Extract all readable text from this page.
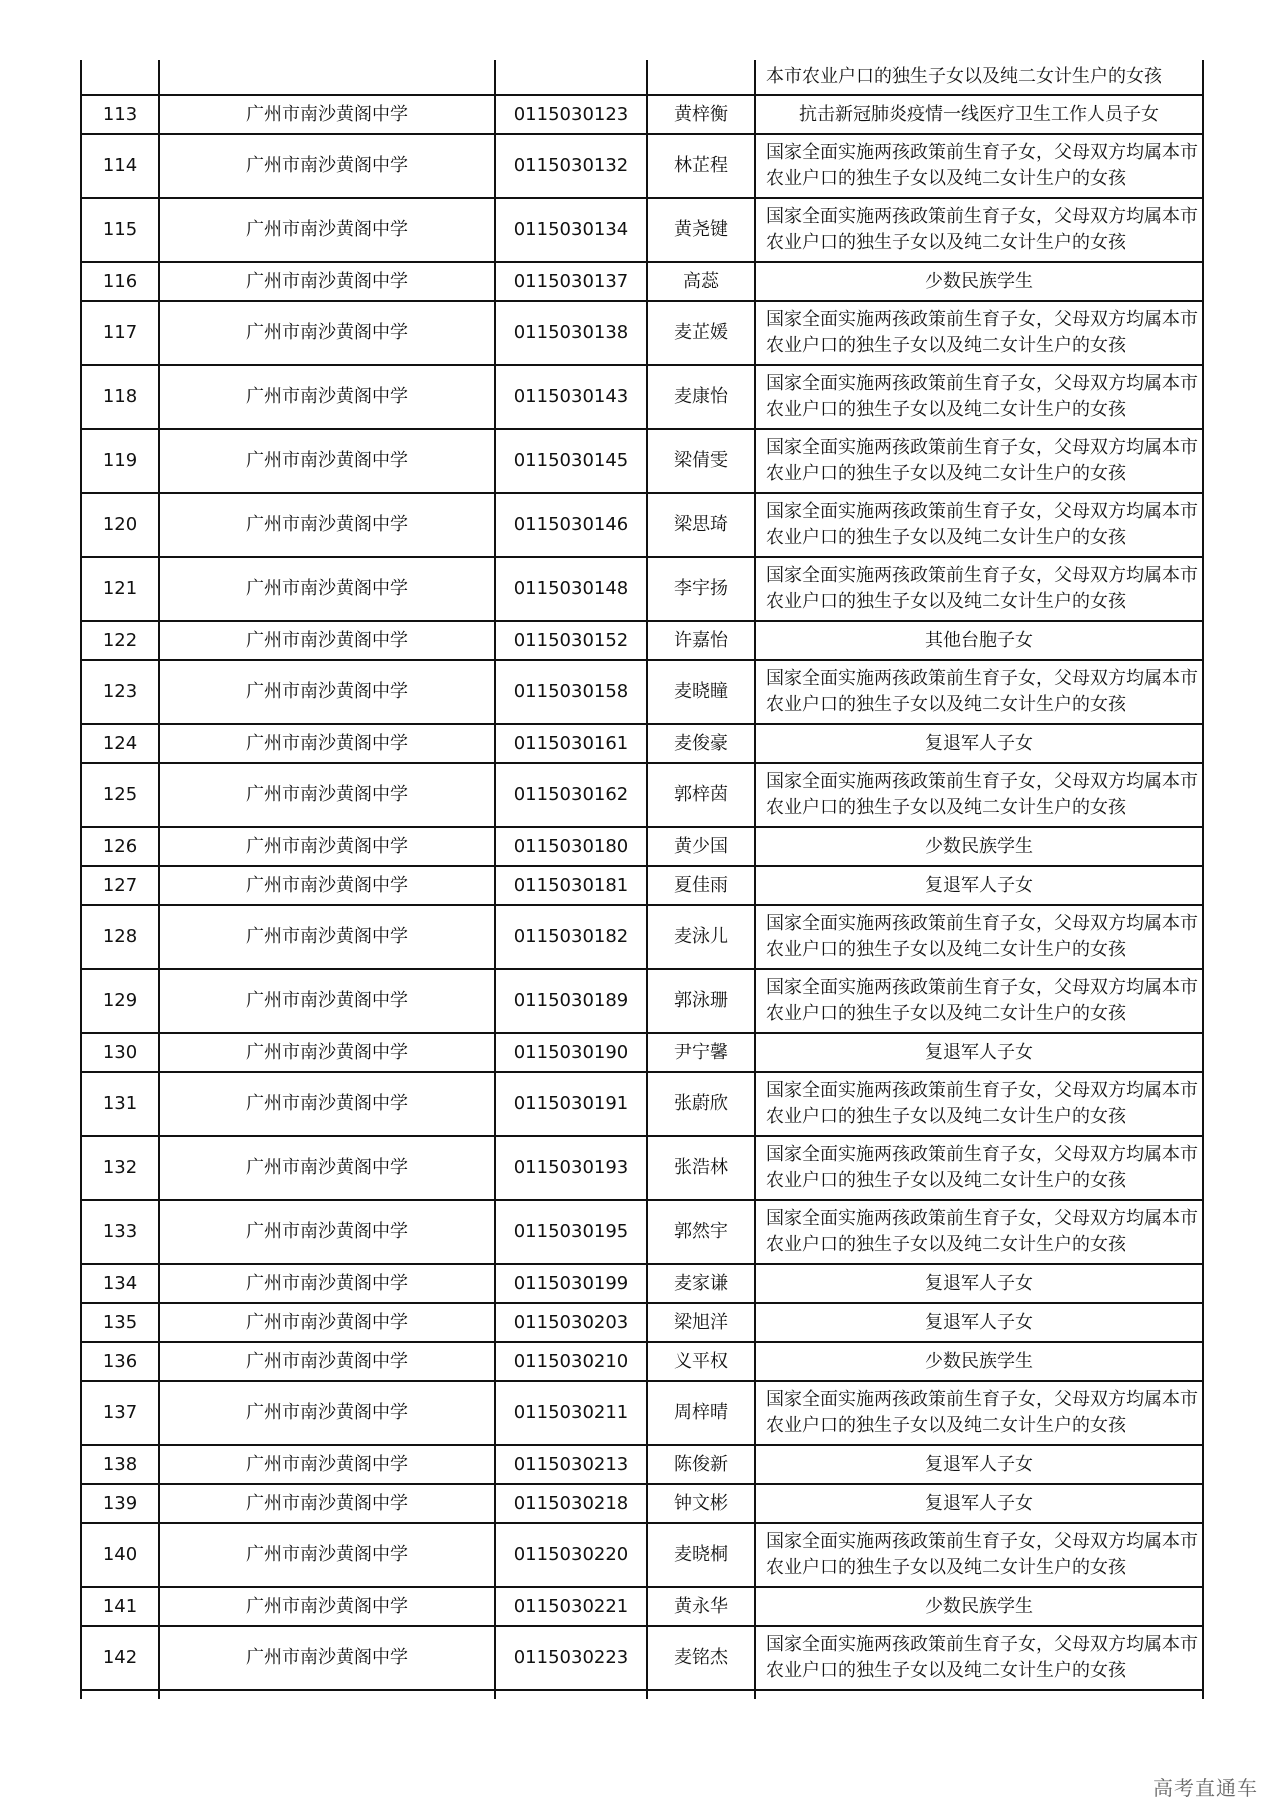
				本市农业户口的独生子女以及纯二女计生户的女孩
113	广州市南沙黄阁中学	0115030123	黄梓衡	抗击新冠肺炎疫情一线医疗卫生工作人员子女
114	广州市南沙黄阁中学	0115030132	林芷程	国家全面实施两孩政策前生育子女，父母双方均属本市农业户口的独生子女以及纯二女计生户的女孩
115	广州市南沙黄阁中学	0115030134	黄尧键	国家全面实施两孩政策前生育子女，父母双方均属本市农业户口的独生子女以及纯二女计生户的女孩
116	广州市南沙黄阁中学	0115030137	高蕊	少数民族学生
117	广州市南沙黄阁中学	0115030138	麦芷媛	国家全面实施两孩政策前生育子女，父母双方均属本市农业户口的独生子女以及纯二女计生户的女孩
118	广州市南沙黄阁中学	0115030143	麦康怡	国家全面实施两孩政策前生育子女，父母双方均属本市农业户口的独生子女以及纯二女计生户的女孩
119	广州市南沙黄阁中学	0115030145	梁倩雯	国家全面实施两孩政策前生育子女，父母双方均属本市农业户口的独生子女以及纯二女计生户的女孩
120	广州市南沙黄阁中学	0115030146	梁思琦	国家全面实施两孩政策前生育子女，父母双方均属本市农业户口的独生子女以及纯二女计生户的女孩
121	广州市南沙黄阁中学	0115030148	李宇扬	国家全面实施两孩政策前生育子女，父母双方均属本市农业户口的独生子女以及纯二女计生户的女孩
122	广州市南沙黄阁中学	0115030152	许嘉怡	其他台胞子女
123	广州市南沙黄阁中学	0115030158	麦晓瞳	国家全面实施两孩政策前生育子女，父母双方均属本市农业户口的独生子女以及纯二女计生户的女孩
124	广州市南沙黄阁中学	0115030161	麦俊豪	复退军人子女
125	广州市南沙黄阁中学	0115030162	郭梓茵	国家全面实施两孩政策前生育子女，父母双方均属本市农业户口的独生子女以及纯二女计生户的女孩
126	广州市南沙黄阁中学	0115030180	黄少国	少数民族学生
127	广州市南沙黄阁中学	0115030181	夏佳雨	复退军人子女
128	广州市南沙黄阁中学	0115030182	麦泳儿	国家全面实施两孩政策前生育子女，父母双方均属本市农业户口的独生子女以及纯二女计生户的女孩
129	广州市南沙黄阁中学	0115030189	郭泳珊	国家全面实施两孩政策前生育子女，父母双方均属本市农业户口的独生子女以及纯二女计生户的女孩
130	广州市南沙黄阁中学	0115030190	尹宁馨	复退军人子女
131	广州市南沙黄阁中学	0115030191	张蔚欣	国家全面实施两孩政策前生育子女，父母双方均属本市农业户口的独生子女以及纯二女计生户的女孩
132	广州市南沙黄阁中学	0115030193	张浩林	国家全面实施两孩政策前生育子女，父母双方均属本市农业户口的独生子女以及纯二女计生户的女孩
133	广州市南沙黄阁中学	0115030195	郭然宇	国家全面实施两孩政策前生育子女，父母双方均属本市农业户口的独生子女以及纯二女计生户的女孩
134	广州市南沙黄阁中学	0115030199	麦家谦	复退军人子女
135	广州市南沙黄阁中学	0115030203	梁旭洋	复退军人子女
136	广州市南沙黄阁中学	0115030210	义平权	少数民族学生
137	广州市南沙黄阁中学	0115030211	周梓晴	国家全面实施两孩政策前生育子女，父母双方均属本市农业户口的独生子女以及纯二女计生户的女孩
138	广州市南沙黄阁中学	0115030213	陈俊新	复退军人子女
139	广州市南沙黄阁中学	0115030218	钟文彬	复退军人子女
140	广州市南沙黄阁中学	0115030220	麦晓桐	国家全面实施两孩政策前生育子女，父母双方均属本市农业户口的独生子女以及纯二女计生户的女孩
141	广州市南沙黄阁中学	0115030221	黄永华	少数民族学生
142	广州市南沙黄阁中学	0115030223	麦铭杰	国家全面实施两孩政策前生育子女，父母双方均属本市农业户口的独生子女以及纯二女计生户的女孩

高考直通车
